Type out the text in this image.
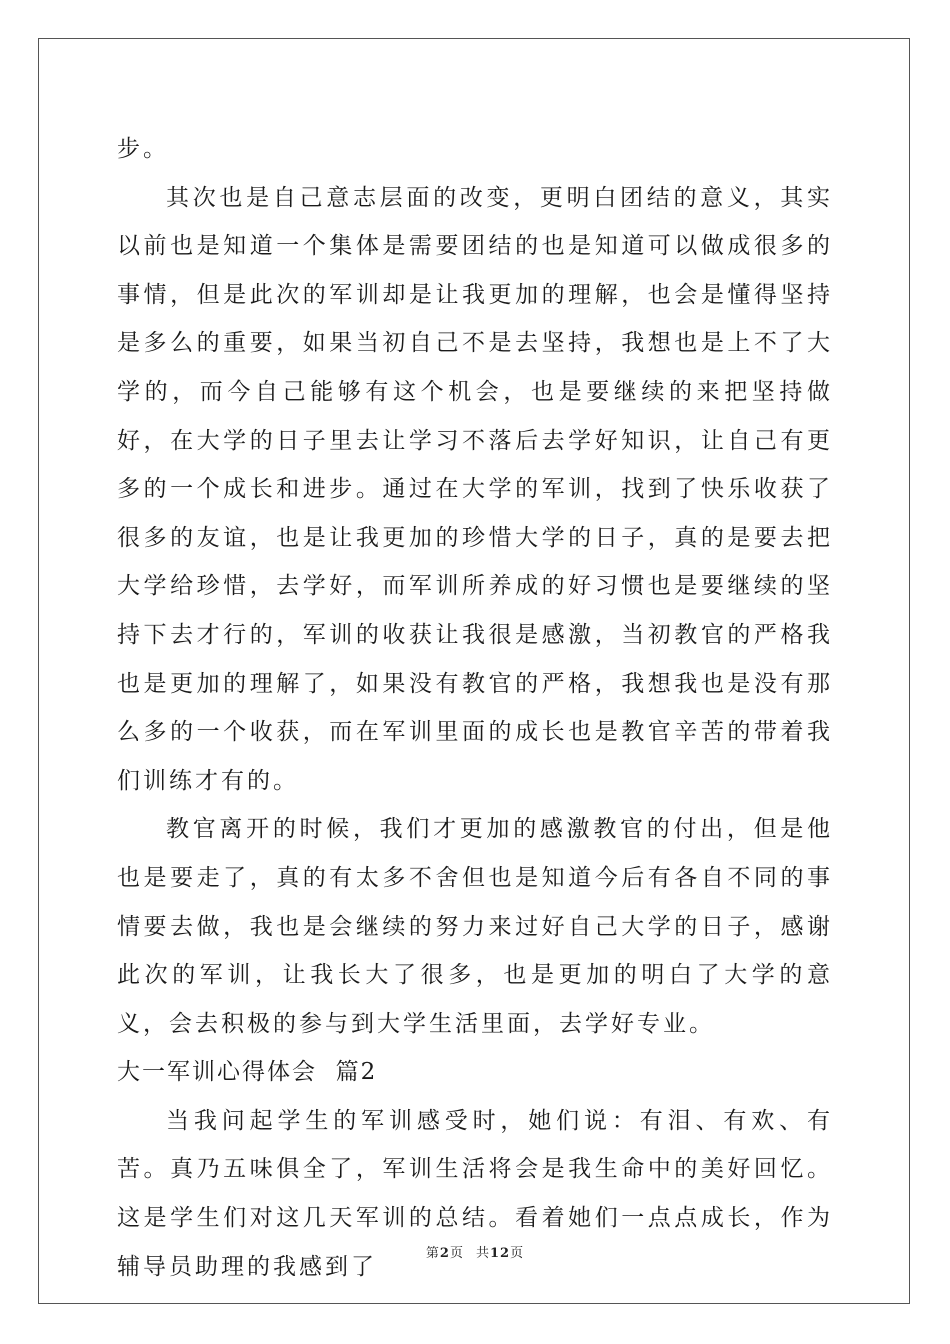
步。

其次也是自己意志层面的改变，更明白团结的意义，其实以前也是知道一个集体是需要团结的也是知道可以做成很多的事情，但是此次的军训却是让我更加的理解，也会是懂得坚持是多么的重要，如果当初自己不是去坚持，我想也是上不了大学的，而今自己能够有这个机会，也是要继续的来把坚持做好，在大学的日子里去让学习不落后去学好知识，让自己有更多的一个成长和进步。通过在大学的军训，找到了快乐收获了很多的友谊，也是让我更加的珍惜大学的日子，真的是要去把大学给珍惜，去学好，而军训所养成的好习惯也是要继续的坚持下去才行的，军训的收获让我很是感激，当初教官的严格我也是更加的理解了，如果没有教官的严格，我想我也是没有那么多的一个收获，而在军训里面的成长也是教官辛苦的带着我们训练才有的。

教官离开的时候，我们才更加的感激教官的付出，但是他也是要走了，真的有太多不舍但也是知道今后有各自不同的事情要去做，我也是会继续的努力来过好自己大学的日子，感谢此次的军训，让我长大了很多，也是更加的明白了大学的意义，会去积极的参与到大学生活里面，去学好专业。

大一军训心得体会  篇2

当我问起学生的军训感受时，她们说：有泪、有欢、有苦。真乃五味俱全了，军训生活将会是我生命中的美好回忆。这是学生们对这几天军训的总结。看着她们一点点成长，作为辅导员助理的我感到了

第2页 共12页
